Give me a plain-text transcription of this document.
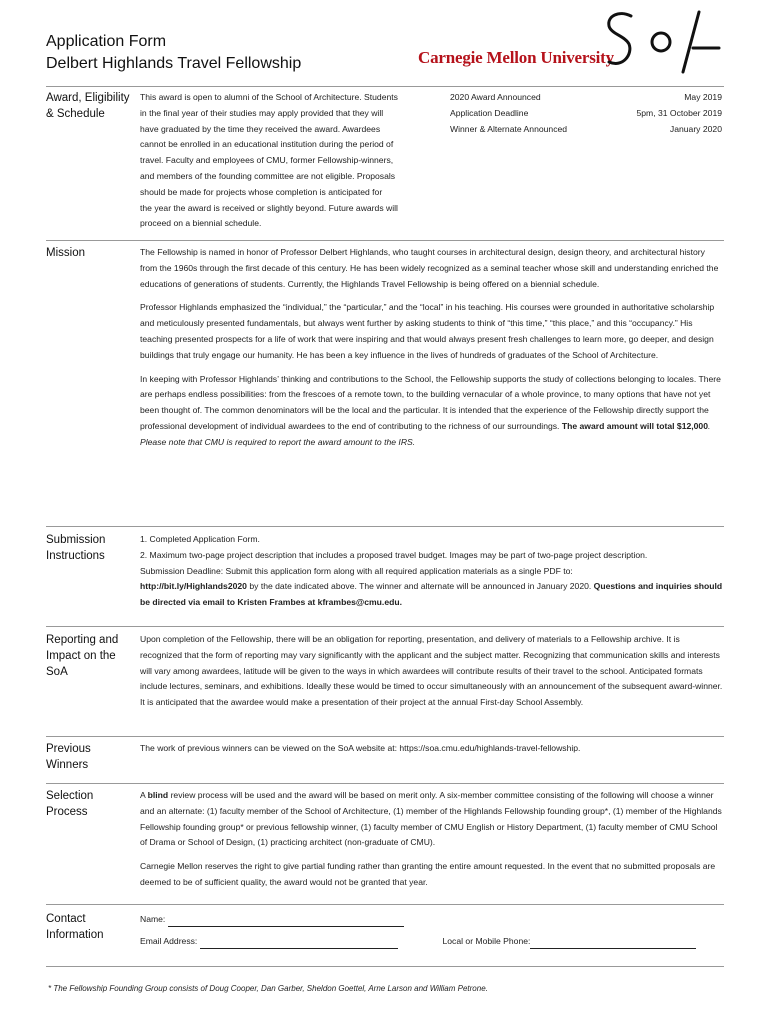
Application Form
Delbert Highlands Travel Fellowship	Carnegie Mellon University
Award, Eligibility
& Schedule
This award is open to alumni of the School of Architecture. Students
in the final year of their studies may apply provided that they will
have graduated by the time they received the award. Awardees
cannot be enrolled in an educational institution during the period of
travel. Faculty and employees of CMU, former Fellowship-winners,
and members of the founding committee are not eligible. Proposals
should be made for projects whose completion is anticipated for
the year the award is received or slightly beyond. Future awards will
proceed on a biennial schedule.
2020 Award Announced	May 2019
Application Deadline	5pm, 31 October 2019
Winner & Alternate Announced	January 2020
Mission	The Fellowship is named in honor of Professor Delbert Highlands, who taught courses in architectural design, design theory, and architectural history from the 1960s through the first decade of this century. He has been widely recognized as a seminal teacher whose skill and understanding enriched the educations of generations of students. Currently, the Highlands Travel Fellowship is being offered on a biennial schedule.

Professor Highlands emphasized the “individual,” the “particular,” and the “local” in his teaching. His courses were grounded in authoritative scholarship and meticulously presented fundamentals, but always went further by asking students to think of “this time,” “this place,” and this “occupancy.” His teaching presented prospects for a life of work that were inspiring and that would always present fresh challenges to learn more, go deeper, and design buildings that truly engage our humanity. He has been a key influence in the lives of hundreds of graduates of the School of Architecture.

In keeping with Professor Highlands’ thinking and contributions to the School, the Fellowship supports the study of collections belonging to locales. There are perhaps endless possibilities: from the frescoes of a remote town, to the building vernacular of a whole province, to many options that have not yet been thought of. The common denominators will be the local and the particular. It is intended that the experience of the Fellowship directly support the professional development of individual awardees to the end of contributing to the richness of our surroundings. The award amount will total $12,000. Please note that CMU is required to report the award amount to the IRS.

Submission
Instructions
1. Completed Application Form.
2. Maximum two-page project description that includes a proposed travel budget. Images may be part of two-page project description.
Submission Deadline: Submit this application form along with all required application materials as a single PDF to:
http://bit.ly/Highlands2020 by the date indicated above. The winner and alternate will be announced in January 2020. Questions and inquiries should be directed via email to Kristen Frambes at kframbes@cmu.edu.
Reporting and
Impact on the
SoA
Upon completion of the Fellowship, there will be an obligation for reporting, presentation, and delivery of materials to a Fellowship archive. It is recognized that the form of reporting may vary significantly with the applicant and the subject matter. Recognizing that communication skills and interests will vary among awardees, latitude will be given to the ways in which awardees will contribute results of their travel to the school. Anticipated formats include lectures, seminars, and exhibitions. Ideally these would be timed to occur simultaneously with an announcement of the subsequent award-winner. It is anticipated that the awardee would make a presentation of their project at the annual First-day School Assembly.
Previous
Winners
The work of previous winners can be viewed on the SoA website at: https://soa.cmu.edu/highlands-travel-fellowship.
Selection
Process

A blind review process will be used and the award will be based on merit only. A six-member committee consisting of the following will choose a winner and an alternate: (1) faculty member of the School of Architecture, (1) member of the Highlands Fellowship founding group*, (1) member of the Highlands Fellowship founding group* or previous fellowship winner, (1) faculty member of CMU English or History Department, (1) faculty member of CMU School of Drama or School of Design, (1) practicing architect (non-graduate of CMU).

Carnegie Mellon reserves the right to give partial funding rather than granting the entire amount requested. In the event that no submitted proposals are deemed to be of sufficient quality, the award would not be granted that year.

Contact
Information
Name:
Email Address:	Local or Mobile Phone:
* The Fellowship Founding Group consists of Doug Cooper, Dan Garber, Sheldon Goettel, Arne Larson and William Petrone.
